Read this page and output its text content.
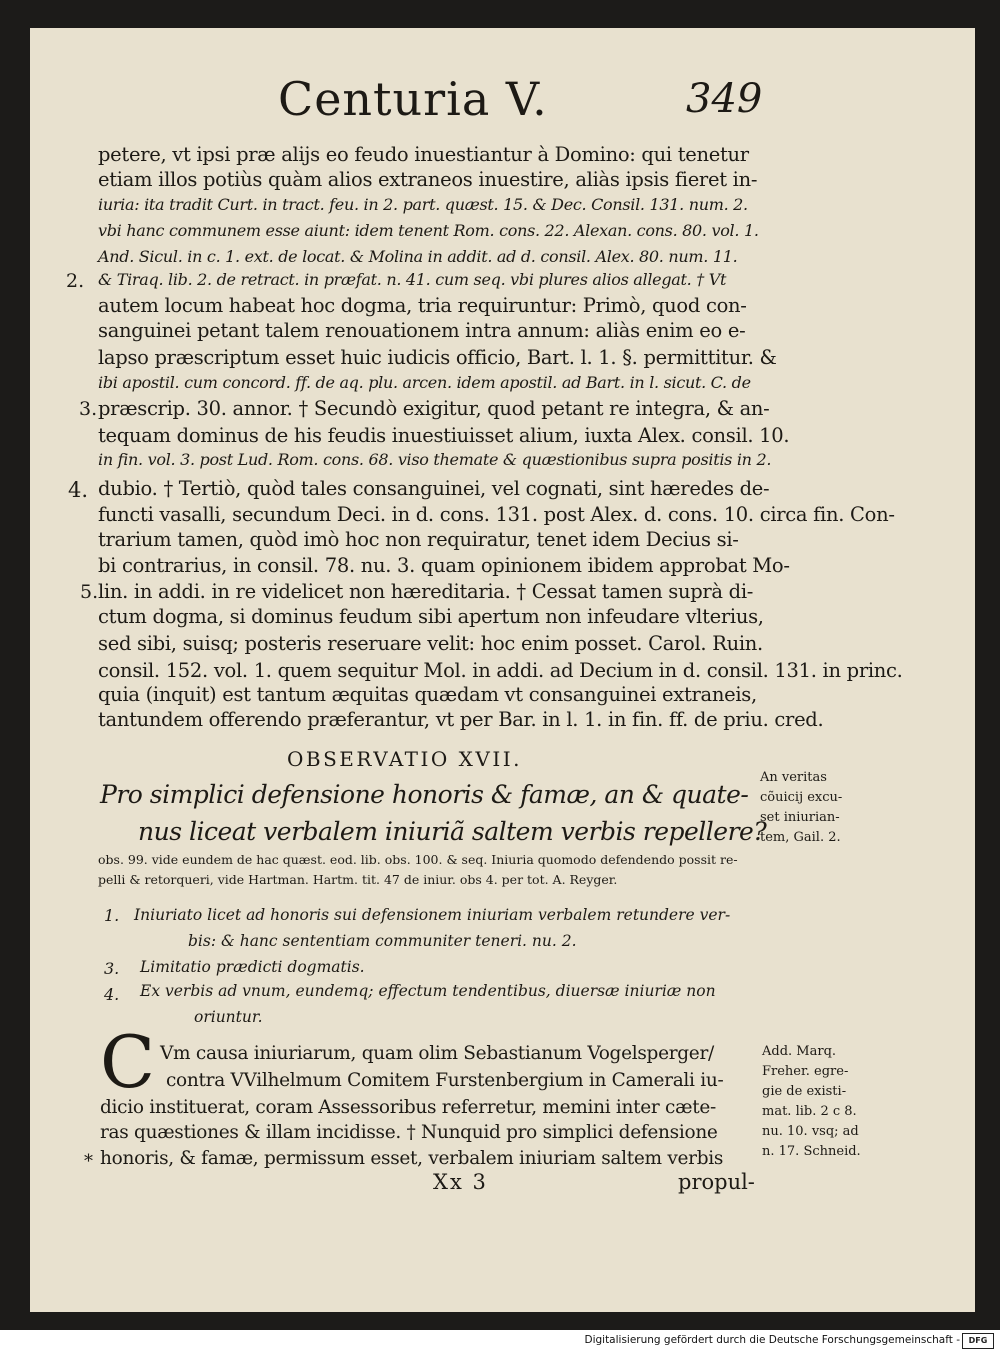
Centuria V.	349
2.
3.
4.
5.
petere, vt ipsi præ alijs eo feudo inuestiantur à Domino: qui tenetur
etiam illos potiùs quàm alios extraneos inuestire, aliàs ipsis fieret in-
iuria: ita tradit Curt. in tract. feu. in 2. part. quæst. 15. & Dec. Consil. 131. num. 2.
vbi hanc communem esse aiunt: idem tenent Rom. cons. 22. Alexan. cons. 80. vol. 1.
And. Sicul. in c. 1. ext. de locat. & Molina in addit. ad d. consil. Alex. 80. num. 11.
& Tiraq. lib. 2. de retract. in præfat. n. 41. cum seq. vbi plures alios allegat. † Vt
autem locum habeat hoc dogma, tria requiruntur: Primò, quod con-
sanguinei petant talem renouationem intra annum: aliàs enim eo e-
lapso præscriptum esset huic iudicis officio, Bart. l. 1. §. permittitur. &
ibi apostil. cum concord. ff. de aq. plu. arcen. idem apostil. ad Bart. in l. sicut. C. de
præscrip. 30. annor. † Secundò exigitur, quod petant re integra, & an-
tequam dominus de his feudis inuestiuisset alium, iuxta Alex. consil. 10.
in fin. vol. 3. post Lud. Rom. cons. 68. viso themate & quæstionibus supra positis in 2.
dubio. † Tertiò, quòd tales consanguinei, vel cognati, sint hæredes de-
functi vasalli, secundum Deci. in d. cons. 131. post Alex. d. cons. 10. circa fin. Con-
trarium tamen, quòd imò hoc non requiratur, tenet idem Decius si-
bi contrarius, in consil. 78. nu. 3. quam opinionem ibidem approbat Mo-
lin. in addi. in re videlicet non hæreditaria. † Cessat tamen suprà di-
ctum dogma, si dominus feudum sibi apertum non infeudare vlterius,
sed sibi, suisq; posteris reseruare velit: hoc enim posset. Carol. Ruin.
consil. 152. vol. 1. quem sequitur Mol. in addi. ad Decium in d. consil. 131. in princ.
quia (inquit) est tantum æquitas quædam vt consanguinei extraneis,
tantundem offerendo præferantur, vt per Bar. in l. 1. in fin. ff. de priu. cred.
OBSERVATIO XVII.
Pro simplici defensione honoris & famæ, an & quate-
nus liceat verbalem iniuriã saltem verbis repellere?
obs. 99. vide eundem de hac quæst. eod. lib. obs. 100. & seq. Iniuria quomodo defendendo possit re-
pelli & retorqueri, vide Hartman. Hartm. tit. 47 de iniur. obs 4. per tot. A. Reyger.
1. Iniuriato licet ad honoris sui defensionem iniuriam verbalem retundere ver-
bis: & hanc sententiam communiter teneri. nu. 2.
3. Limitatio prædicti dogmatis.
4. Ex verbis ad vnum, eundemq; effectum tendentibus, diuersæ iniuriæ non
oriuntur.
C
*
Vm causa iniuriarum, quam olim Sebastianum Vogelsperger/
contra VVilhelmum Comitem Furstenbergium in Camerali iu-
dicio instituerat, coram Assessoribus referretur, memini inter cæte-
ras quæstiones & illam incidisse. † Nunquid pro simplici defensione
honoris, & famæ, permissum esset, verbalem iniuriam saltem verbis
Xx 3	propul-
An veritas
cõuicij excu-
set iniurian-
tem, Gail. 2.
Add. Marq.
Freher. egre-
gie de existi-
mat. lib. 2 c 8.
nu. 10. vsq; ad
n. 17. Schneid.
Digitalisierung gefördert durch die Deutsche Forschungsgemeinschaft -	DFG
